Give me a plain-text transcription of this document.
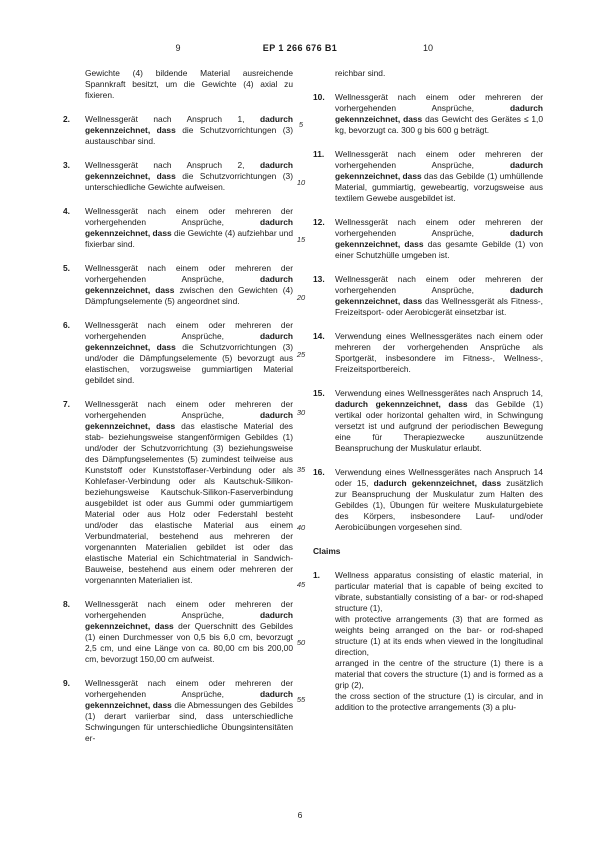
9	EP 1 266 676 B1	10
Gewichte (4) bildende Material ausreichende Spannkraft besitzt, um die Gewichte (4) axial zu fixieren.
2.	Wellnessgerät nach Anspruch 1, dadurch gekennzeichnet, dass die Schutzvorrichtungen (3) austauschbar sind.
3.	Wellnessgerät nach Anspruch 2, dadurch gekennzeichnet, dass die Schutzvorrichtungen (3) unterschiedliche Gewichte aufweisen.
4.	Wellnessgerät nach einem oder mehreren der vorhergehenden Ansprüche, dadurch gekennzeichnet, dass die Gewichte (4) aufziehbar und fixierbar sind.
5.	Wellnessgerät nach einem oder mehreren der vorhergehenden Ansprüche, dadurch gekennzeichnet, dass zwischen den Gewichten (4) Dämpfungselemente (5) angeordnet sind.
6.	Wellnessgerät nach einem oder mehreren der vorhergehenden Ansprüche, dadurch gekennzeichnet, dass die Schutzvorrichtungen (3) und/oder die Dämpfungselemente (5) bevorzugt aus elastischen, vorzugsweise gummiartigen Material gebildet sind.
7.	Wellnessgerät nach einem oder mehreren der vorhergehenden Ansprüche, dadurch gekennzeichnet, dass das elastische Material des stab- beziehungsweise stangenförmigen Gebildes (1) und/oder der Schutzvorrichtung (3) beziehungsweise des Dämpfungselementes (5) zumindest teilweise aus Kunststoff oder Kunststoffaser-Verbindung oder als Kohlefaser-Verbindung oder als Kautschuk-Silikon- beziehungsweise Kautschuk-Silikon-Faserverbindung ausgebildet ist oder aus Gummi oder gummiartigem Material oder aus Holz oder Federstahl besteht und/oder das elastische Material aus einem Verbundmaterial, bestehend aus mehreren der vorgenannten Materialien gebildet ist oder das elastische Material ein Schichtmaterial in Sandwich-Bauweise, bestehend aus einem oder mehreren der vorgenannten Materialien ist.
8.	Wellnessgerät nach einem oder mehreren der vorhergehenden Ansprüche, dadurch gekennzeichnet, dass der Querschnitt des Gebildes (1) einen Durchmesser von 0,5 bis 6,0 cm, bevorzugt 2,5 cm, und eine Länge von ca. 80,00 cm bis 200,00 cm, bevorzugt 150,00 cm aufweist.
9.	Wellnessgerät nach einem oder mehreren der vorhergehenden Ansprüche, dadurch gekennzeichnet, dass die Abmessungen des Gebildes (1) derart variierbar sind, dass unterschiedliche Schwingungen für unterschiedliche Übungsintensitäten er-
reichbar sind.
10.	Wellnessgerät nach einem oder mehreren der vorhergehenden Ansprüche, dadurch gekennzeichnet, dass das Gewicht des Gerätes ≤ 1,0 kg, bevorzugt ca. 300 g bis 600 g beträgt.
11.	Wellnessgerät nach einem oder mehreren der vorhergehenden Ansprüche, dadurch gekennzeichnet, dass das das Gebilde (1) umhüllende Material, gummiartig, gewebeartig, vorzugsweise aus textilem Gewebe ausgebildet ist.
12.	Wellnessgerät nach einem oder mehreren der vorhergehenden Ansprüche, dadurch gekennzeichnet, dass das gesamte Gebilde (1) von einer Schutzhülle umgeben ist.
13.	Wellnessgerät nach einem oder mehreren der vorhergehenden Ansprüche, dadurch gekennzeichnet, dass das Wellnessgerät als Fitness-, Freizeitsport- oder Aerobicgerät einsetzbar ist.
14.	Verwendung eines Wellnessgerätes nach einem oder mehreren der vorhergehenden Ansprüche als Sportgerät, insbesondere im Fitness-, Wellness-, Freizeitsportbereich.
15.	Verwendung eines Wellnessgerätes nach Anspruch 14, dadurch gekennzeichnet, dass das Gebilde (1) vertikal oder horizontal gehalten wird, in Schwingung versetzt ist und aufgrund der periodischen Bewegung eine für Therapiezwecke auszunützende Beanspruchung der Muskulatur erlaubt.
16.	Verwendung eines Wellnessgerätes nach Anspruch 14 oder 15, dadurch gekennzeichnet, dass zusätzlich zur Beanspruchung der Muskulatur zum Halten des Gebildes (1), Übungen für weitere Muskulaturgebiete des Körpers, insbesondere Lauf- und/oder Aerobicübungen vorgesehen sind.
Claims
1.	Wellness apparatus consisting of elastic material, in particular material that is capable of being excited to vibrate, substantially consisting of a bar- or rod-shaped structure (1),
with protective arrangements (3) that are formed as weights being arranged on the bar- or rod-shaped structure (1) at its ends when viewed in the longitudinal direction,
arranged in the centre of the structure (1) there is a material that covers the structure (1) and is formed as a grip (2),
the cross section of the structure (1) is circular, and in addition to the protective arrangements (3) a plu-
5
10
15
20
25
30
35
40
45
50
55
6
